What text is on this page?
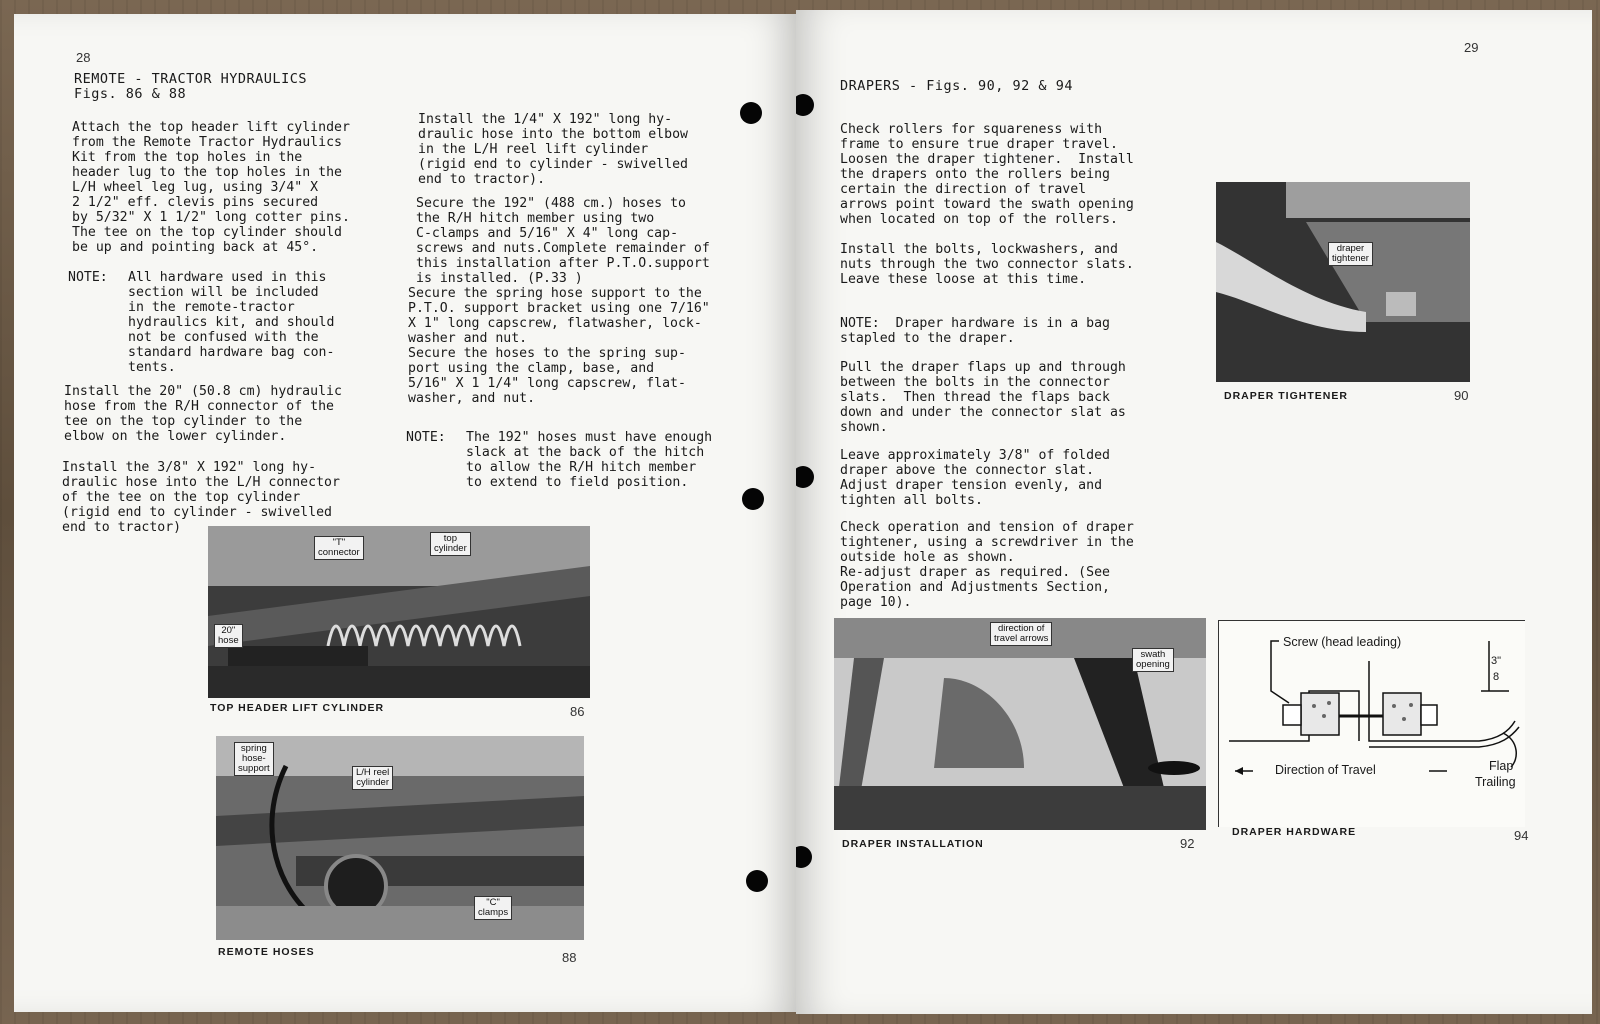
28
REMOTE - TRACTOR HYDRAULICS
Figs. 86 & 88
Attach the top header lift cylinder
from the Remote Tractor Hydraulics
Kit from the top holes in the
header lug to the top holes in the
L/H wheel leg lug, using 3/4" X
2 1/2" eff. clevis pins secured
by 5/32" X 1 1/2" long cotter pins.
The tee on the top cylinder should
be up and pointing back at 45°.
NOTE: All hardware used in this
section will be included
in the remote-tractor
hydraulics kit, and should
not be confused with the
standard hardware bag con-
tents.
Install the 20" (50.8 cm) hydraulic
hose from the R/H connector of the
tee on the top cylinder to the
elbow on the lower cylinder.
Install the 3/8" X 192" long hy-
draulic hose into the L/H connector
of the tee on the top cylinder
(rigid end to cylinder - swivelled
end to tractor)
Install the 1/4" X 192" long hy-
draulic hose into the bottom elbow
in the L/H reel lift cylinder
(rigid end to cylinder - swivelled
end to tractor).
Secure the 192" (488 cm.) hoses to
the R/H hitch member using two
C-clamps and 5/16" X 4" long cap-
screws and nuts.Complete remainder of
this installation after P.T.O.support
is installed. (P.33 )
Secure the spring hose support to the
P.T.O. support bracket using one 7/16"
X 1" long capscrew, flatwasher, lock-
washer and nut.
Secure the hoses to the spring sup-
port using the clamp, base, and
5/16" X 1 1/4" long capscrew, flat-
washer, and nut.
NOTE: The 192" hoses must have enough
slack at the back of the hitch
to allow the R/H hitch member
to extend to field position.
"T"
connector
top
cylinder
20"
hose
TOP HEADER LIFT CYLINDER	86
spring
hose-
support	L/H reel
cylinder
"C"
clamps
REMOTE HOSES	88
29
DRAPERS - Figs. 90, 92 & 94
Check rollers for squareness with
frame to ensure true draper travel.
Loosen the draper tightener.  Install
the drapers onto the rollers being
certain the direction of travel
arrows point toward the swath opening
when located on top of the rollers.
Install the bolts, lockwashers, and
nuts through the two connector slats.
Leave these loose at this time.
NOTE:  Draper hardware is in a bag
stapled to the draper.
Pull the draper flaps up and through
between the bolts in the connector
slats.  Then thread the flaps back
down and under the connector slat as
shown.
Leave approximately 3/8" of folded
draper above the connector slat.
Adjust draper tension evenly, and
tighten all bolts.
Check operation and tension of draper
tightener, using a screwdriver in the
outside hole as shown.
Re-adjust draper as required. (See
Operation and Adjustments Section,
page 10).
draper
tightener
DRAPER TIGHTENER	90
direction of
travel arrows
swath
opening
DRAPER INSTALLATION	92
Screw (head leading)
3"
8
Direction of Travel	Flap
Trailing
DRAPER HARDWARE	94
